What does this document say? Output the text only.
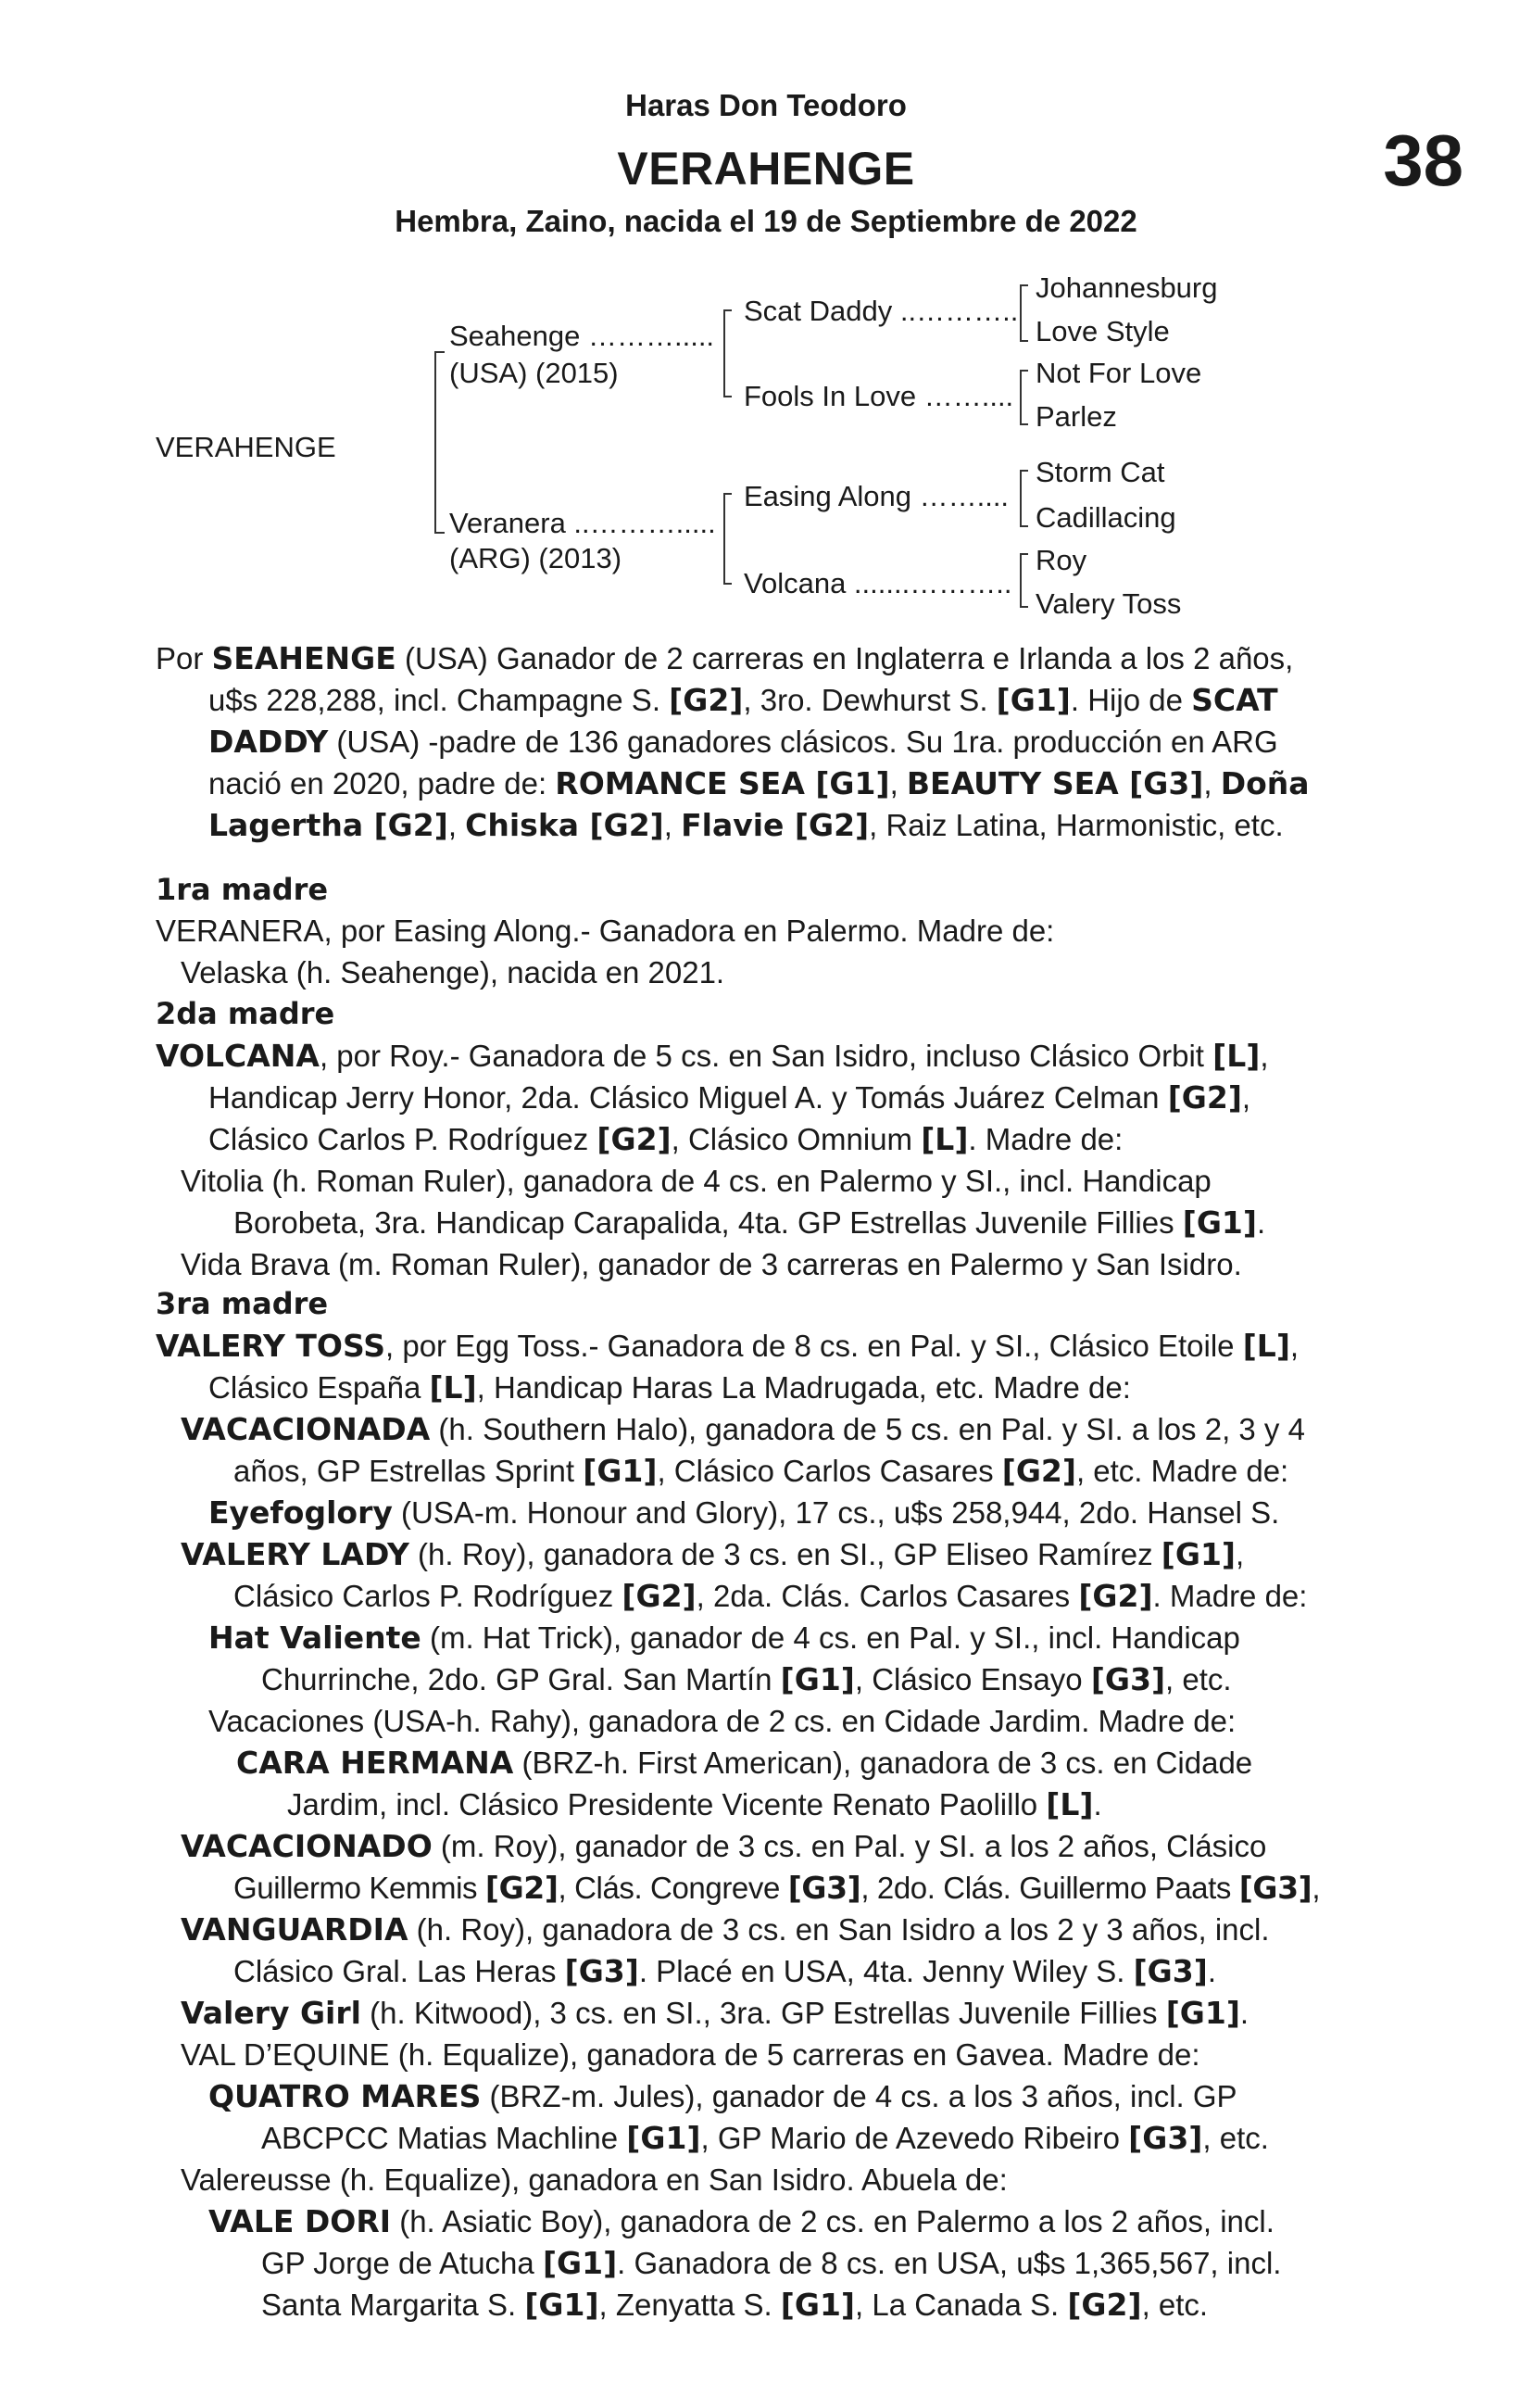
Haras Don Teodoro
VERAHENGE
Hembra, Zaino, nacida el 19 de Septiembre de 2022
38
VERAHENGE
Seahenge ……….....
(USA) (2015)
Veranera ..……….....
(ARG) (2013)
Scat Daddy ..………..
Fools In Love ……....
Easing Along ……....
Volcana .......………..
Johannesburg
Love Style
Not For Love
Parlez
Storm Cat
Cadillacing
Roy
Valery Toss
Por SEAHENGE (USA) Ganador de 2 carreras en Inglaterra e Irlanda a los 2 años,
u$s 228,288, incl. Champagne S. [G2], 3ro. Dewhurst S. [G1]. Hijo de SCAT
DADDY (USA) -padre de 136 ganadores clásicos. Su 1ra. producción en ARG
nació en 2020, padre de: ROMANCE SEA [G1], BEAUTY SEA [G3], Doña
Lagertha [G2], Chiska [G2], Flavie [G2], Raiz Latina, Harmonistic, etc.
1ra madre
VERANERA, por Easing Along.- Ganadora en Palermo. Madre de:
Velaska (h. Seahenge), nacida en 2021.
2da madre
VOLCANA, por Roy.- Ganadora de 5 cs. en San Isidro, incluso Clásico Orbit [L],
Handicap Jerry Honor, 2da. Clásico Miguel A. y Tomás Juárez Celman [G2],
Clásico Carlos P. Rodríguez [G2], Clásico Omnium [L]. Madre de:
Vitolia (h. Roman Ruler), ganadora de 4 cs. en Palermo y SI., incl. Handicap
Borobeta, 3ra. Handicap Carapalida, 4ta. GP Estrellas Juvenile Fillies [G1].
Vida Brava (m. Roman Ruler), ganador de 3 carreras en Palermo y San Isidro.
3ra madre
VALERY TOSS, por Egg Toss.- Ganadora de 8 cs. en Pal. y SI., Clásico Etoile [L],
Clásico España [L], Handicap Haras La Madrugada, etc. Madre de:
VACACIONADA (h. Southern Halo), ganadora de 5 cs. en Pal. y SI. a los 2, 3 y 4
años, GP Estrellas Sprint [G1], Clásico Carlos Casares [G2], etc. Madre de:
Eyefoglory (USA-m. Honour and Glory), 17 cs., u$s 258,944, 2do. Hansel S.
VALERY LADY (h. Roy), ganadora de 3 cs. en SI., GP Eliseo Ramírez [G1],
Clásico Carlos P. Rodríguez [G2], 2da. Clás. Carlos Casares [G2]. Madre de:
Hat Valiente (m. Hat Trick), ganador de 4 cs. en Pal. y SI., incl. Handicap
Churrinche, 2do. GP Gral. San Martín [G1], Clásico Ensayo [G3], etc.
Vacaciones (USA-h. Rahy), ganadora de 2 cs. en Cidade Jardim. Madre de:
CARA HERMANA (BRZ-h. First American), ganadora de 3 cs. en Cidade
Jardim, incl. Clásico Presidente Vicente Renato Paolillo [L].
VACACIONADO (m. Roy), ganador de 3 cs. en Pal. y SI. a los 2 años, Clásico
Guillermo Kemmis [G2], Clás. Congreve [G3], 2do. Clás. Guillermo Paats [G3],
VANGUARDIA (h. Roy), ganadora de 3 cs. en San Isidro a los 2 y 3 años, incl.
Clásico Gral. Las Heras [G3]. Placé en USA, 4ta. Jenny Wiley S. [G3].
Valery Girl (h. Kitwood), 3 cs. en SI., 3ra. GP Estrellas Juvenile Fillies [G1].
VAL D’EQUINE (h. Equalize), ganadora de 5 carreras en Gavea. Madre de:
QUATRO MARES (BRZ-m. Jules), ganador de 4 cs. a los 3 años, incl. GP
ABCPCC Matias Machline [G1], GP Mario de Azevedo Ribeiro [G3], etc.
Valereusse (h. Equalize), ganadora en San Isidro. Abuela de:
VALE DORI (h. Asiatic Boy), ganadora de 2 cs. en Palermo a los 2 años, incl.
GP Jorge de Atucha [G1]. Ganadora de 8 cs. en USA, u$s 1,365,567, incl.
Santa Margarita S. [G1], Zenyatta S. [G1], La Canada S. [G2], etc.
